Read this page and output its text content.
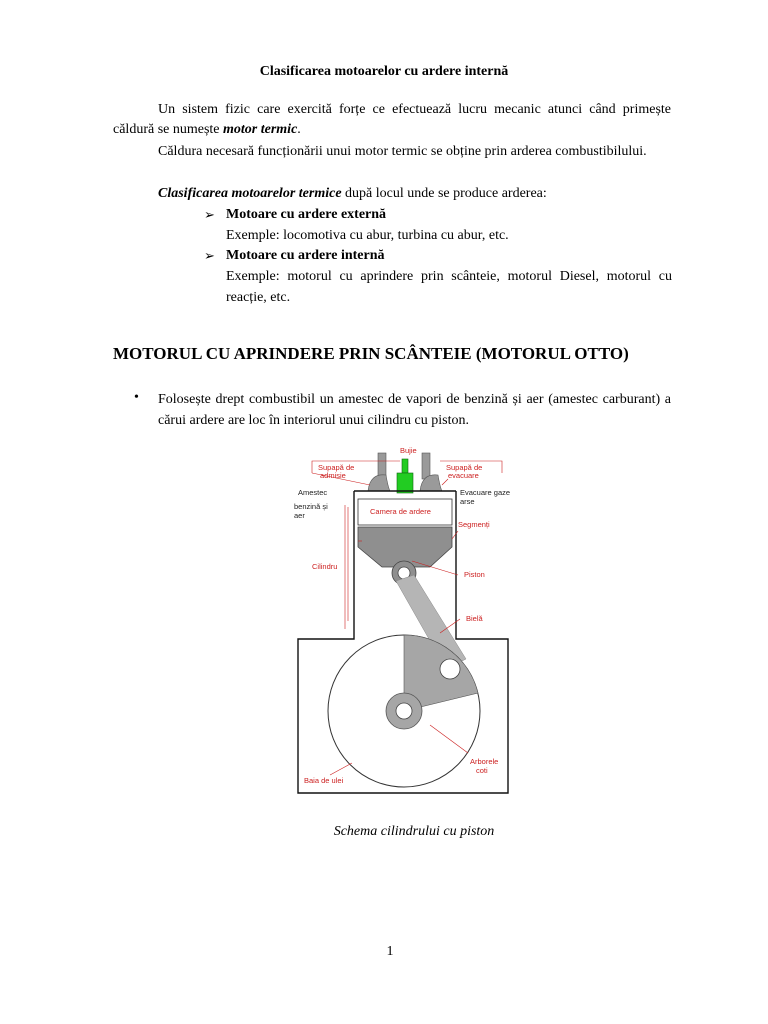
Clasificarea motoarelor cu ardere internă
Un sistem fizic care exercită forțe ce efectuează lucru mecanic atunci când primește căldură se numește motor termic.
Căldura necesară funcționării unui motor termic se obține prin arderea combustibilului.
Clasificarea motoarelor termice după locul unde se produce arderea:
➢ Motoare cu ardere externă
Exemple: locomotiva cu abur, turbina cu abur, etc.
➢ Motoare cu ardere internă
Exemple: motorul cu aprindere prin scânteie, motorul Diesel, motorul cu reacție, etc.
MOTORUL CU APRINDERE PRIN SCÂNTEIE (MOTORUL OTTO)
• Folosește drept combustibil un amestec de vapori de benzină și aer (amestec carburant) a cărui ardere are loc în interiorul unui cilindru cu piston.
Bujie
Supapă de
admisie
Supapă de
evacuare
Amestec
benzină și
aer
Evacuare gaze
arse
Camera de ardere
Segmenți
Cilindru
Piston
Bielă
Arborele
coti
Baia de ulei
Schema cilindrului cu piston
1
